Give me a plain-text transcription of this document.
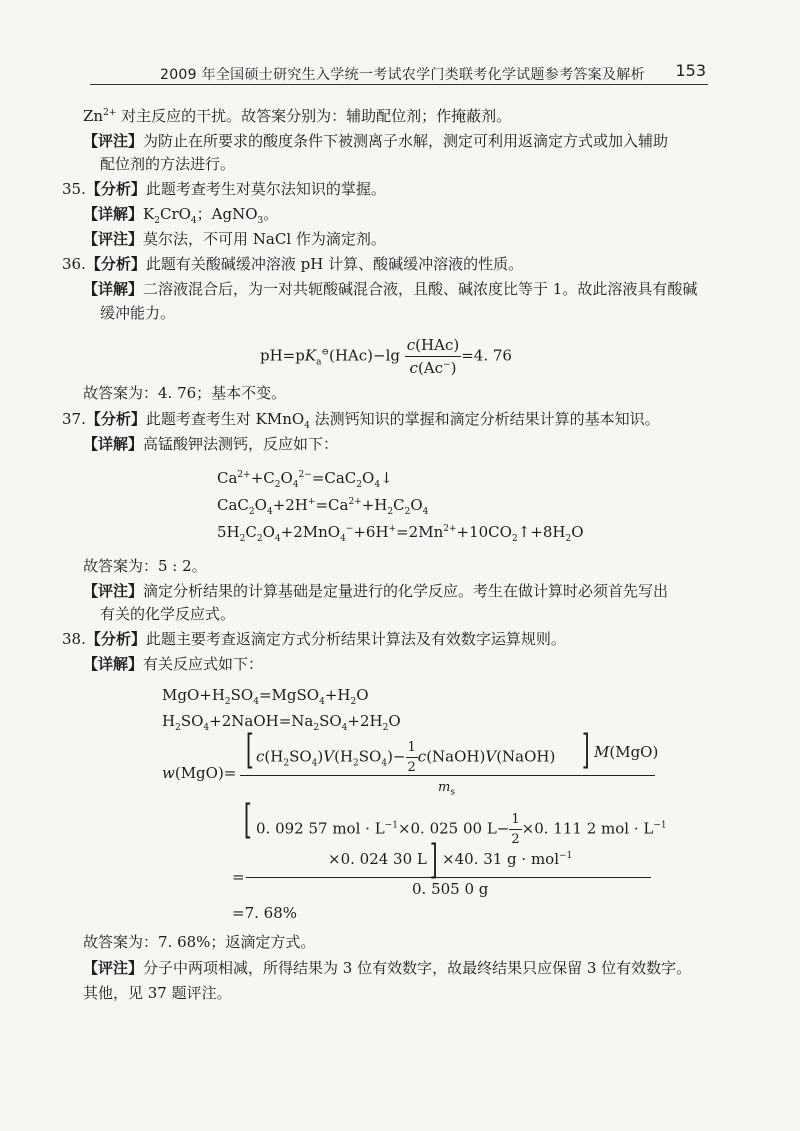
2009 年全国硕士研究生入学统一考试农学门类联考化学试题参考答案及解析 153
$Zn^{2+}$ 对主反应的干扰。故答案分别为：辅助配位剂；作掩蔽剂。
【评注】为防止在所要求的酸度条件下被测离子水解，测定可利用返滴定方式或加入辅助
配位剂的方法进行。
35.【分析】此题考查考生对莫尔法知识的掌握。
【详解】$K_2CrO_4$；AgNO$_3$。
【评注】莫尔法，不可用 NaCl 作为滴定剂。
36.【分析】此题有关酸碱缓冲溶液 pH 计算、酸碱缓冲溶液的性质。
【详解】二溶液混合后，为一对共轭酸碱混合液，且酸、碱浓度比等于 1。故此溶液具有酸碱
缓冲能力。
$pH=pK_a^⊖(HAc)-\lg \frac{\text{c(HAc)}}{c(Ac^-)} =4$. 76
故答案为：4. 76；基本不变。
37.【分析】此题考查考生对 KMnO$_4$ 法测钙知识的掌握和滴定分析结果计算的基本知识。
【详解】高锰酸钾法测钙，反应如下：
$Ca^{2+}+C_2O_4^{2-}=CaC_2O_4↓$
$CaC_2O_4+2H^+=Ca^{2+}+H_2C_2O_4$
$5H_2C_2O_4+2MnO_4^-+6H^+=2Mn^{2+}+10CO_2↑+8H_2O$
故答案为：5 : 2。
【评注】滴定分析结果的计算基础是定量进行的化学反应。考生在做计算时必须首先写出
有关的化学反应式。
38.【分析】此题主要考查返滴定方式分析结果计算法及有效数字运算规则。
【详解】有关反应式如下：
$MgO+H_2SO_4=MgSO_4+H_2O$
$H_2SO_4+2NaOH=Na_2SO_4+2H_2O$
w(MgO)= [ $c(H_2SO_4)V(H_2SO_4)- \frac{1}{2}$ c(NaOH)V(NaOH) ] M(MgO)
$m_s$
[ 0. 092 57 mol · $L^{-1}\times 0$. 025 00 $L- \frac{1}{2} \times 0$. 111 2 mol · $L^{-1}$
×0. 024 30 L ] ×40. 31 g · mol$^{-1}$
=
0. 505 0 g
=7. 68%
故答案为：7. 68%；返滴定方式。
【评注】分子中两项相减，所得结果为 3 位有效数字，故最终结果只应保留 3 位有效数字。
其他，见 37 题评注。
